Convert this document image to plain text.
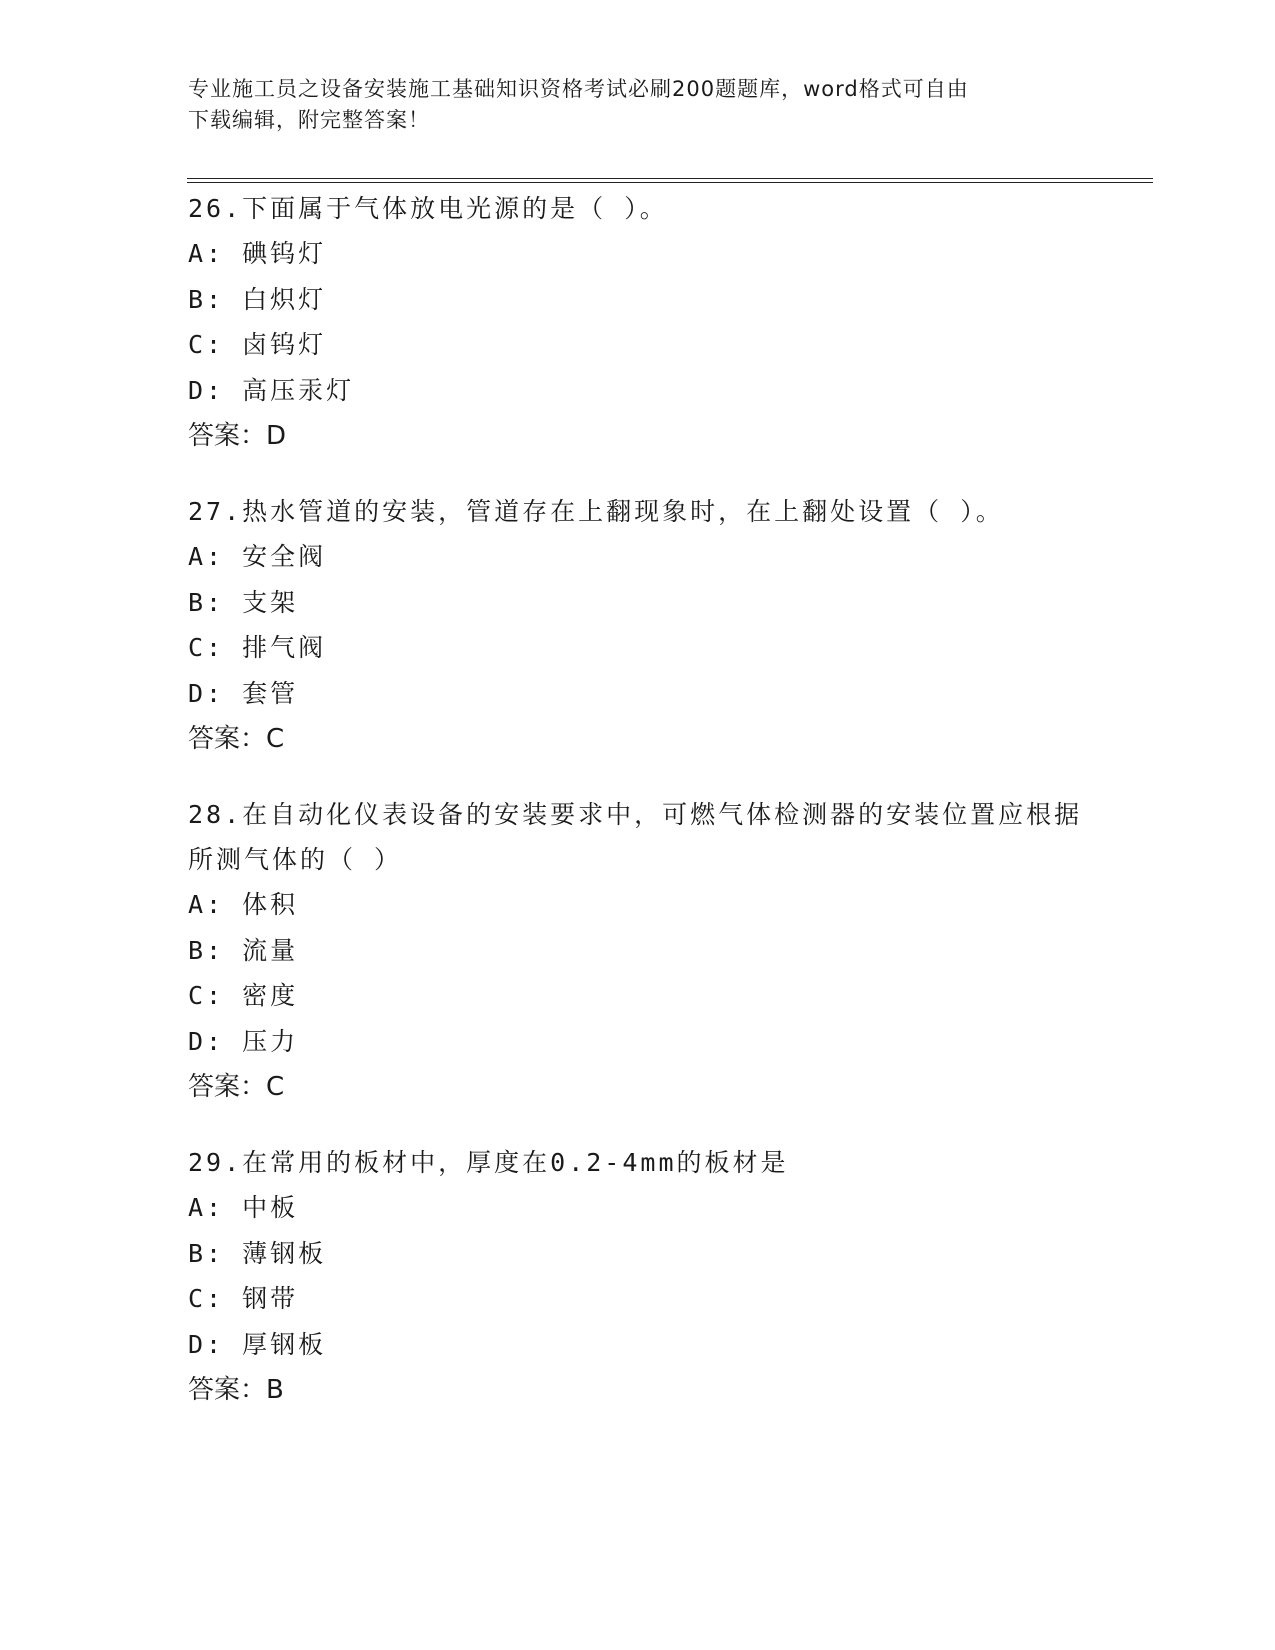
专业施工员之设备安装施工基础知识资格考试必刷200题题库，word格式可自由
下载编辑，附完整答案！

26.下面属于气体放电光源的是（ ）。

A: 碘钨灯

B: 白炽灯

C: 卤钨灯

D: 高压汞灯

答案：D

27.热水管道的安装，管道存在上翻现象时，在上翻处设置（ ）。

A: 安全阀

B: 支架

C: 排气阀

D: 套管

答案：C

28.在自动化仪表设备的安装要求中，可燃气体检测器的安装位置应根据所测气体的（ ）

A: 体积

B: 流量

C: 密度

D: 压力

答案：C

29.在常用的板材中，厚度在0.2-4mm的板材是

A: 中板

B: 薄钢板

C: 钢带

D: 厚钢板

答案：B
